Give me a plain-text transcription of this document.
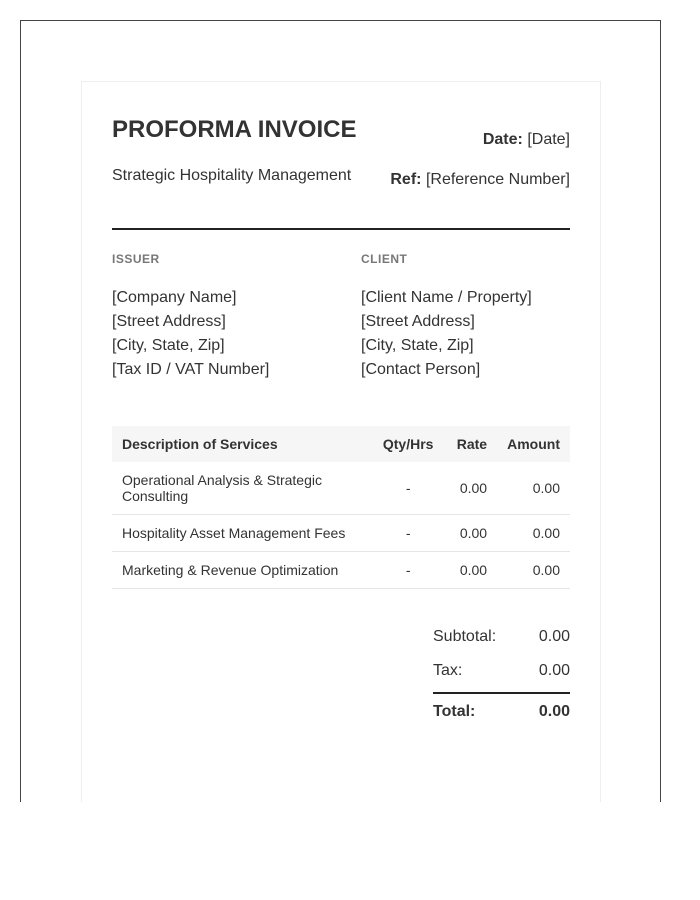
PROFORMA INVOICE
Strategic Hospitality Management
Date: [Date]
Ref: [Reference Number]
ISSUER	CLIENT
[Company Name]
[Street Address]
[City, State, Zip]
[Tax ID / VAT Number]
[Client Name / Property]
[Street Address]
[City, State, Zip]
[Contact Person]
Description of Services	Qty/Hrs	Rate	Amount
Operational Analysis & Strategic Consulting	-	0.00	0.00
Hospitality Asset Management Fees	-	0.00	0.00
Marketing & Revenue Optimization	-	0.00	0.00
Subtotal:	0.00
Tax:	0.00
Total:	0.00
